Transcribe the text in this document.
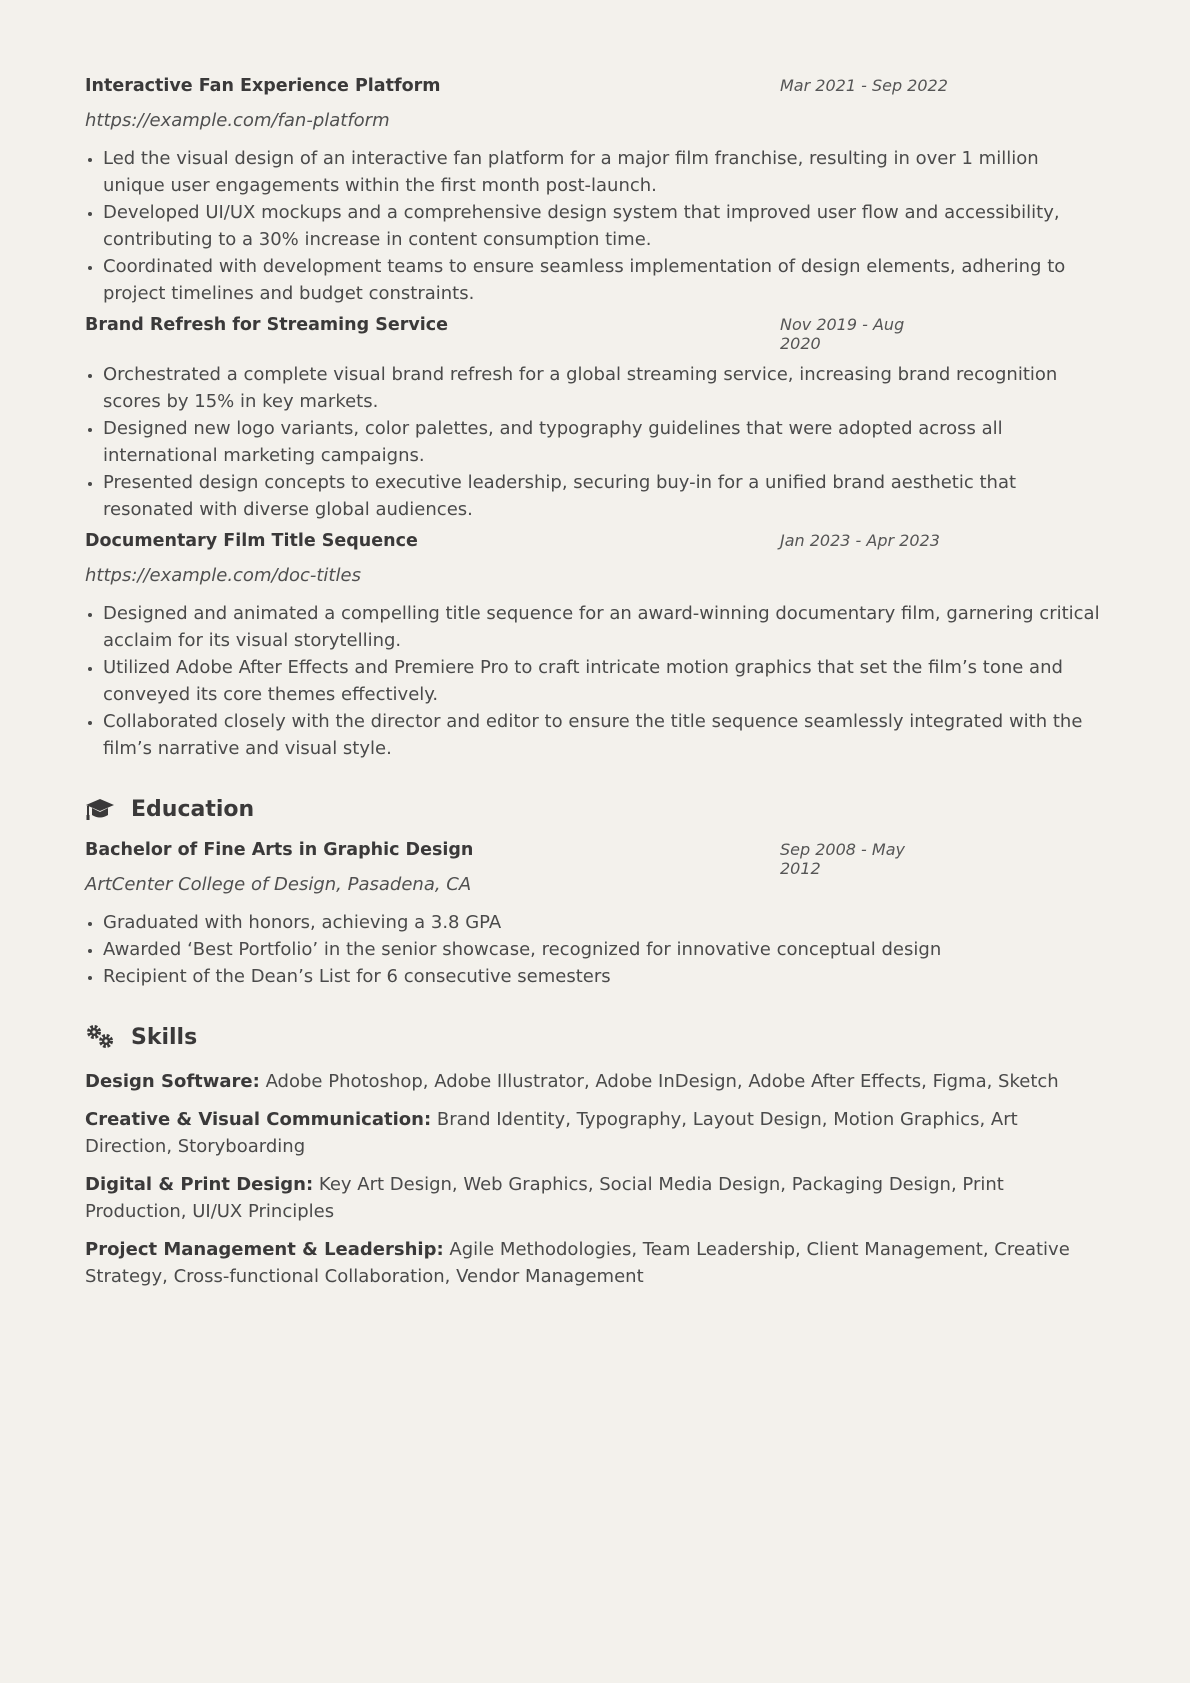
Interactive Fan Experience Platform	Mar 2021 - Sep 2022
https://example.com/fan-platform
• Led the visual design of an interactive fan platform for a major film franchise, resulting in over 1 million unique user engagements within the first month post-launch.
• Developed UI/UX mockups and a comprehensive design system that improved user flow and accessibility, contributing to a 30% increase in content consumption time.
• Coordinated with development teams to ensure seamless implementation of design elements, adhering to project timelines and budget constraints.
Brand Refresh for Streaming Service	Nov 2019 - Aug 2020
• Orchestrated a complete visual brand refresh for a global streaming service, increasing brand recognition scores by 15% in key markets.
• Designed new logo variants, color palettes, and typography guidelines that were adopted across all international marketing campaigns.
• Presented design concepts to executive leadership, securing buy-in for a unified brand aesthetic that resonated with diverse global audiences.
Documentary Film Title Sequence	Jan 2023 - Apr 2023
https://example.com/doc-titles
• Designed and animated a compelling title sequence for an award-winning documentary film, garnering critical acclaim for its visual storytelling.
• Utilized Adobe After Effects and Premiere Pro to craft intricate motion graphics that set the film’s tone and conveyed its core themes effectively.
• Collaborated closely with the director and editor to ensure the title sequence seamlessly integrated with the film’s narrative and visual style.
Education
Bachelor of Fine Arts in Graphic Design	Sep 2008 - May 2012
ArtCenter College of Design, Pasadena, CA
• Graduated with honors, achieving a 3.8 GPA
• Awarded ‘Best Portfolio’ in the senior showcase, recognized for innovative conceptual design
• Recipient of the Dean’s List for 6 consecutive semesters
Skills
Design Software: Adobe Photoshop, Adobe Illustrator, Adobe InDesign, Adobe After Effects, Figma, Sketch
Creative & Visual Communication: Brand Identity, Typography, Layout Design, Motion Graphics, Art Direction, Storyboarding
Digital & Print Design: Key Art Design, Web Graphics, Social Media Design, Packaging Design, Print Production, UI/UX Principles
Project Management & Leadership: Agile Methodologies, Team Leadership, Client Management, Creative Strategy, Cross-functional Collaboration, Vendor Management
